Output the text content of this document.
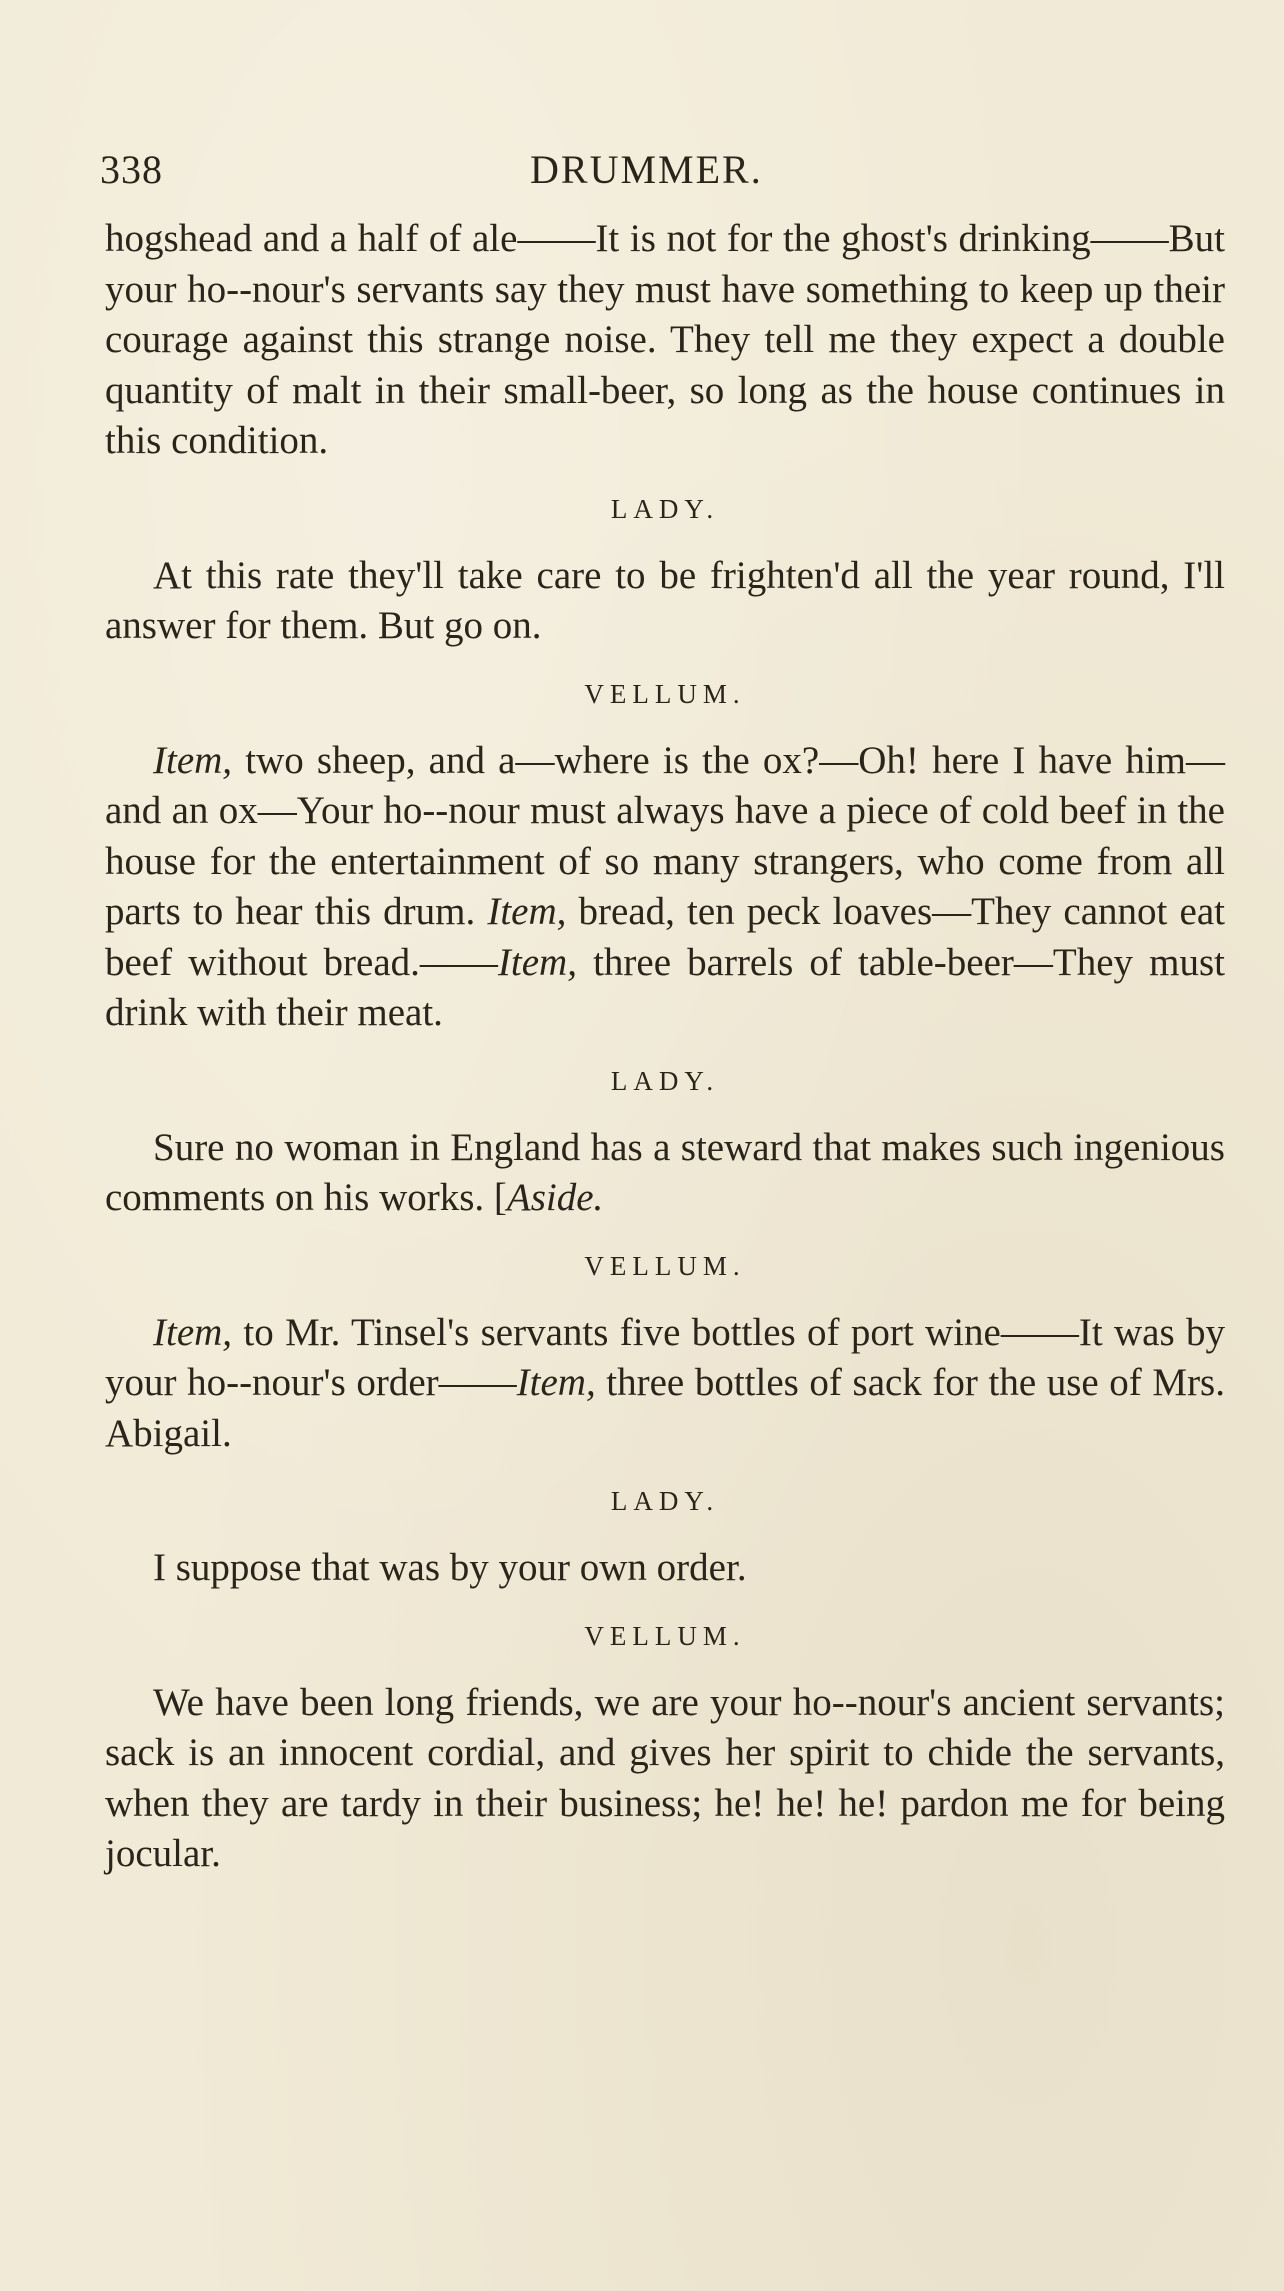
338	DRUMMER.

hogshead and a half of ale——It is not for the ghost's drinking——But your ho--nour's servants say they must have something to keep up their courage against this strange noise. They tell me they expect a double quantity of malt in their small-beer, so long as the house continues in this condition.

LADY.

At this rate they'll take care to be frighten'd all the year round, I'll answer for them. But go on.

VELLUM.

Item, two sheep, and a—where is the ox?—Oh! here I have him—and an ox—Your ho--nour must always have a piece of cold beef in the house for the entertainment of so many strangers, who come from all parts to hear this drum. Item, bread, ten peck loaves—They cannot eat beef without bread.——Item, three barrels of table-beer—They must drink with their meat.

LADY.

Sure no woman in England has a steward that makes such ingenious comments on his works. [Aside.

VELLUM.

Item, to Mr. Tinsel's servants five bottles of port wine——It was by your ho--nour's order——Item, three bottles of sack for the use of Mrs. Abigail.

LADY.

I suppose that was by your own order.

VELLUM.

We have been long friends, we are your ho--nour's ancient servants; sack is an innocent cordial, and gives her spirit to chide the servants, when they are tardy in their business; he! he! he! pardon me for being jocular.
